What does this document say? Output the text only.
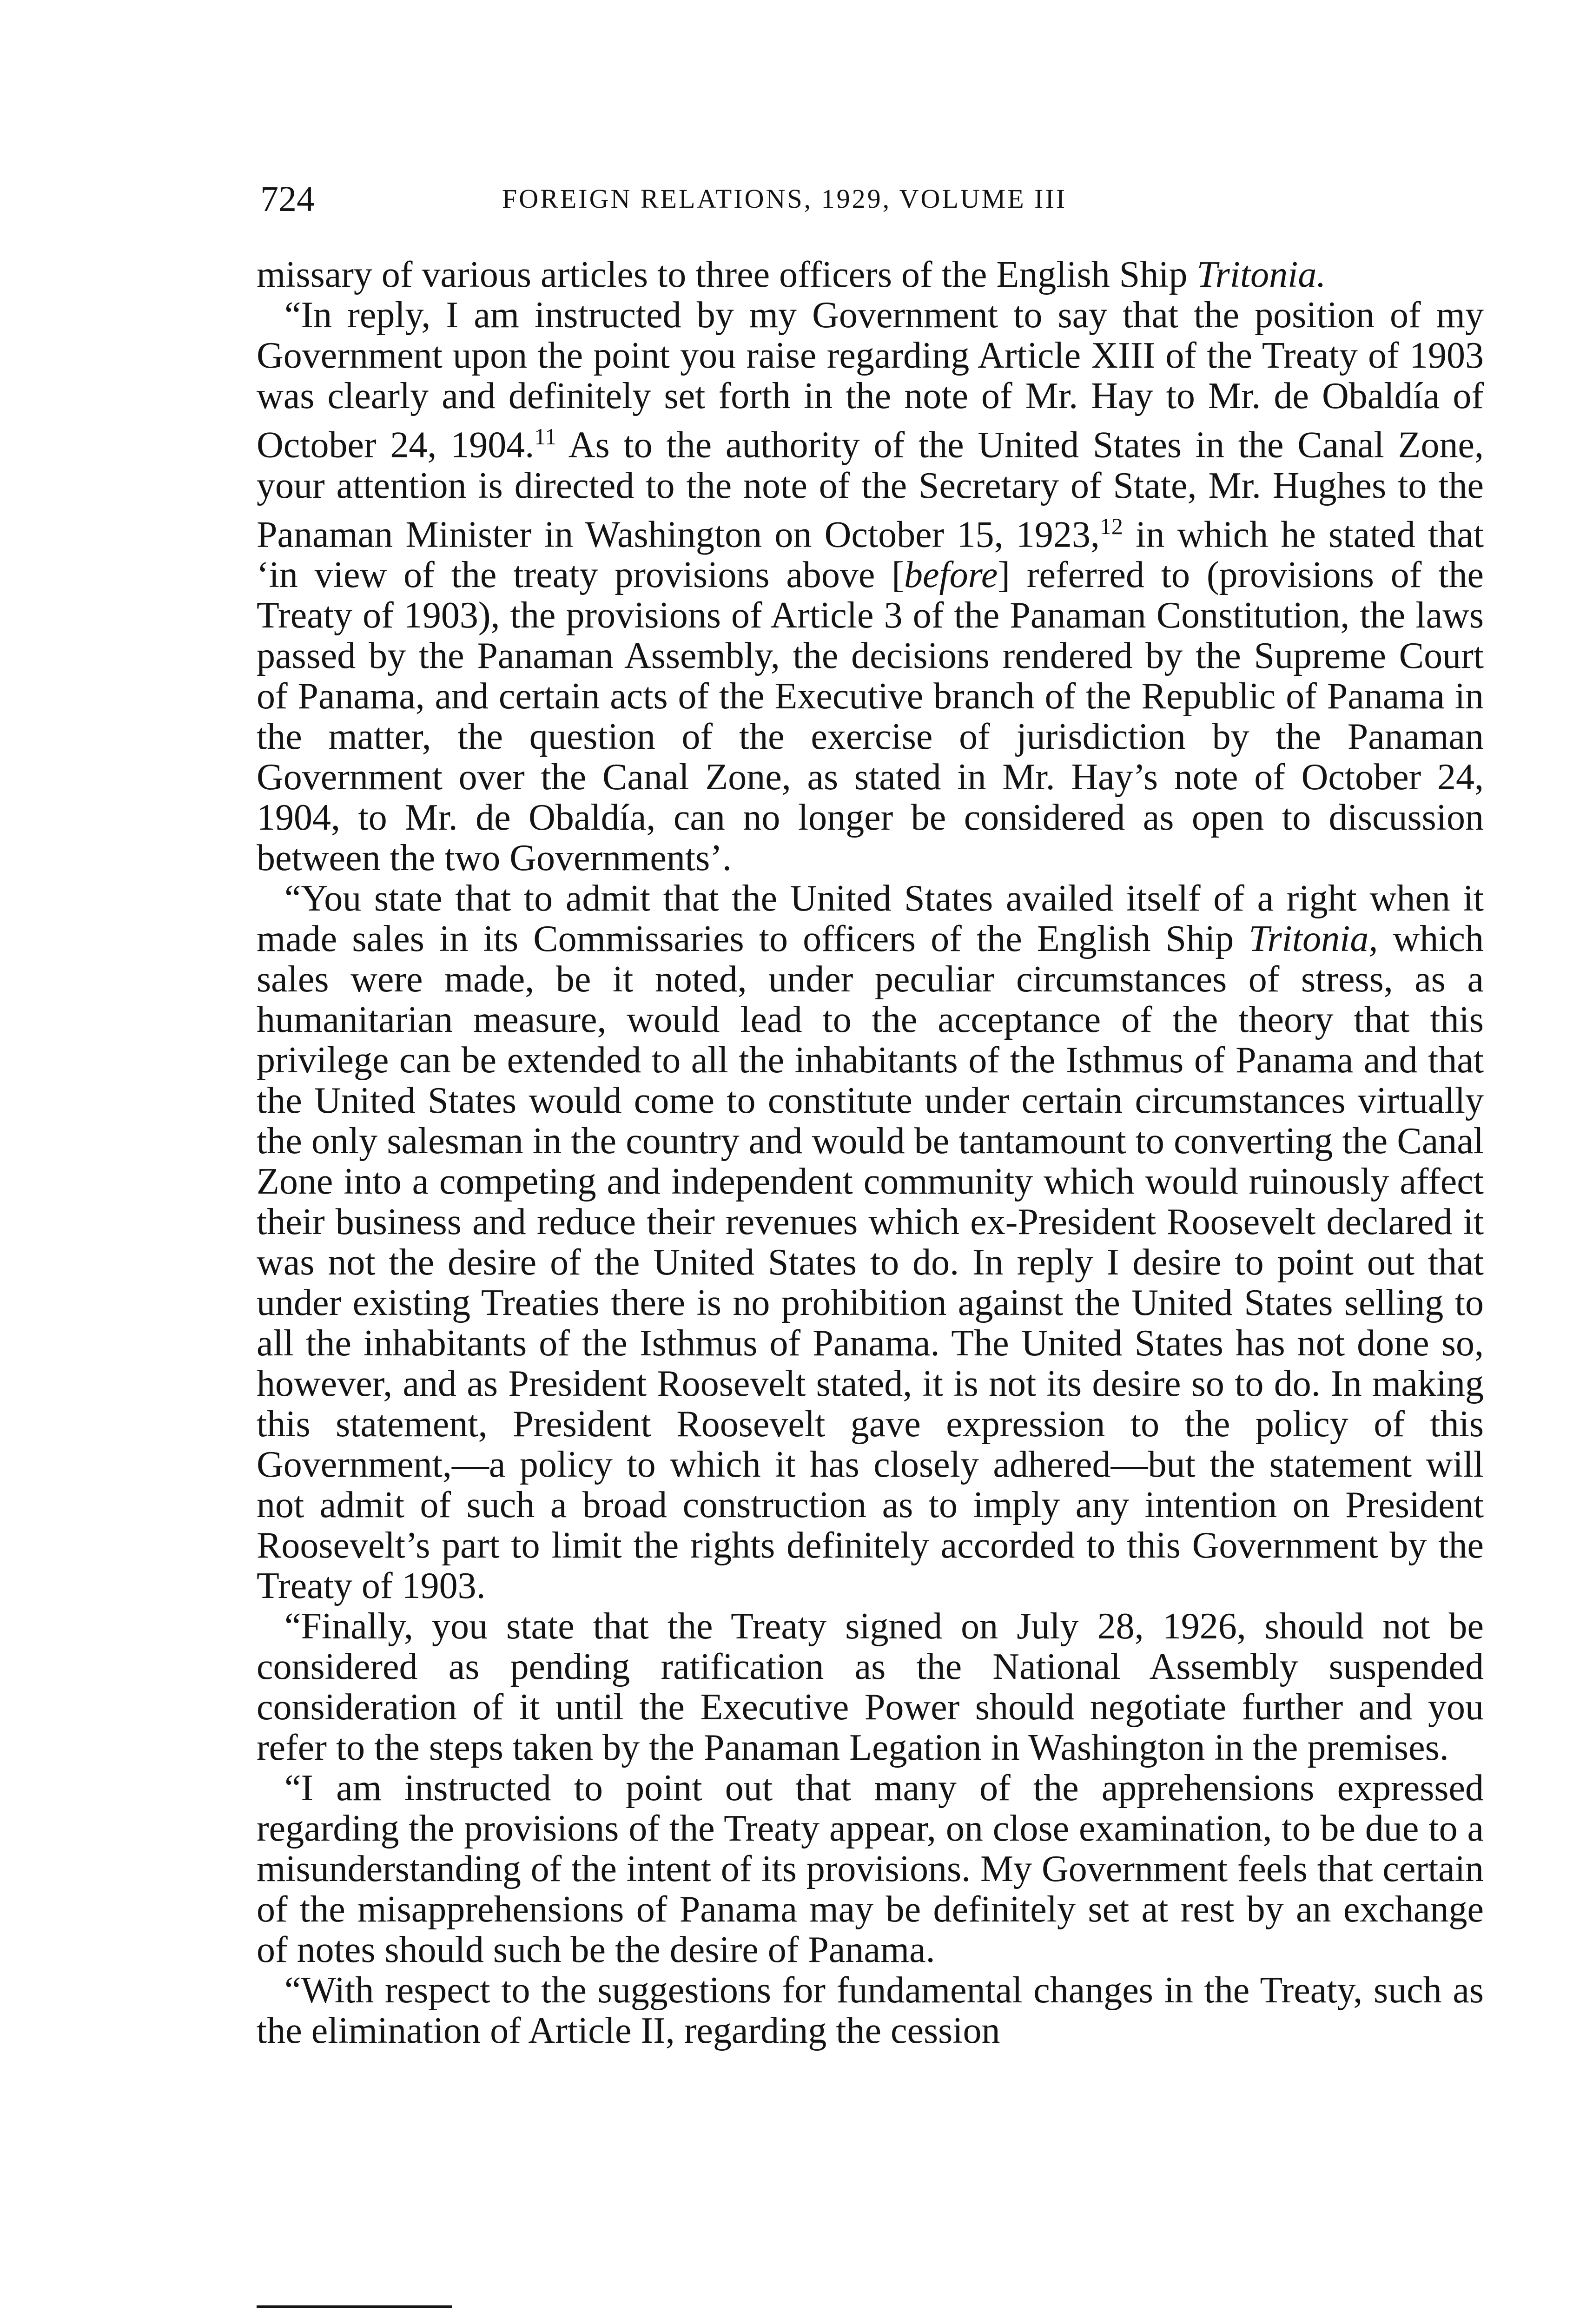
724	FOREIGN RELATIONS, 1929, VOLUME III

missary of various articles to three officers of the English Ship Tritonia.

“In reply, I am instructed by my Government to say that the position of my Government upon the point you raise regarding Article XIII of the Treaty of 1903 was clearly and definitely set forth in the note of Mr. Hay to Mr. de Obaldía of October 24, 1904.11 As to the authority of the United States in the Canal Zone, your attention is directed to the note of the Secretary of State, Mr. Hughes to the Panaman Minister in Washington on October 15, 1923,12 in which he stated that ‘in view of the treaty provisions above [before] referred to (provisions of the Treaty of 1903), the provisions of Article 3 of the Panaman Constitution, the laws passed by the Panaman Assembly, the decisions rendered by the Supreme Court of Panama, and certain acts of the Executive branch of the Republic of Panama in the matter, the question of the exercise of jurisdiction by the Panaman Government over the Canal Zone, as stated in Mr. Hay’s note of October 24, 1904, to Mr. de Obaldía, can no longer be considered as open to discussion between the two Governments’.

“You state that to admit that the United States availed itself of a right when it made sales in its Commissaries to officers of the English Ship Tritonia, which sales were made, be it noted, under peculiar circumstances of stress, as a humanitarian measure, would lead to the acceptance of the theory that this privilege can be extended to all the inhabitants of the Isthmus of Panama and that the United States would come to constitute under certain circumstances virtually the only salesman in the country and would be tantamount to converting the Canal Zone into a competing and independent community which would ruinously affect their business and reduce their revenues which ex-President Roosevelt declared it was not the desire of the United States to do. In reply I desire to point out that under existing Treaties there is no prohibition against the United States selling to all the inhabitants of the Isthmus of Panama. The United States has not done so, however, and as President Roosevelt stated, it is not its desire so to do. In making this statement, President Roosevelt gave expression to the policy of this Government,—a policy to which it has closely adhered—but the statement will not admit of such a broad construction as to imply any intention on President Roosevelt’s part to limit the rights definitely accorded to this Government by the Treaty of 1903.

“Finally, you state that the Treaty signed on July 28, 1926, should not be considered as pending ratification as the National Assembly suspended consideration of it until the Executive Power should negotiate further and you refer to the steps taken by the Panaman Legation in Washington in the premises.

“I am instructed to point out that many of the apprehensions expressed regarding the provisions of the Treaty appear, on close examination, to be due to a misunderstanding of the intent of its provisions. My Government feels that certain of the misapprehensions of Panama may be definitely set at rest by an exchange of notes should such be the desire of Panama.

“With respect to the suggestions for fundamental changes in the Treaty, such as the elimination of Article II, regarding the cession
